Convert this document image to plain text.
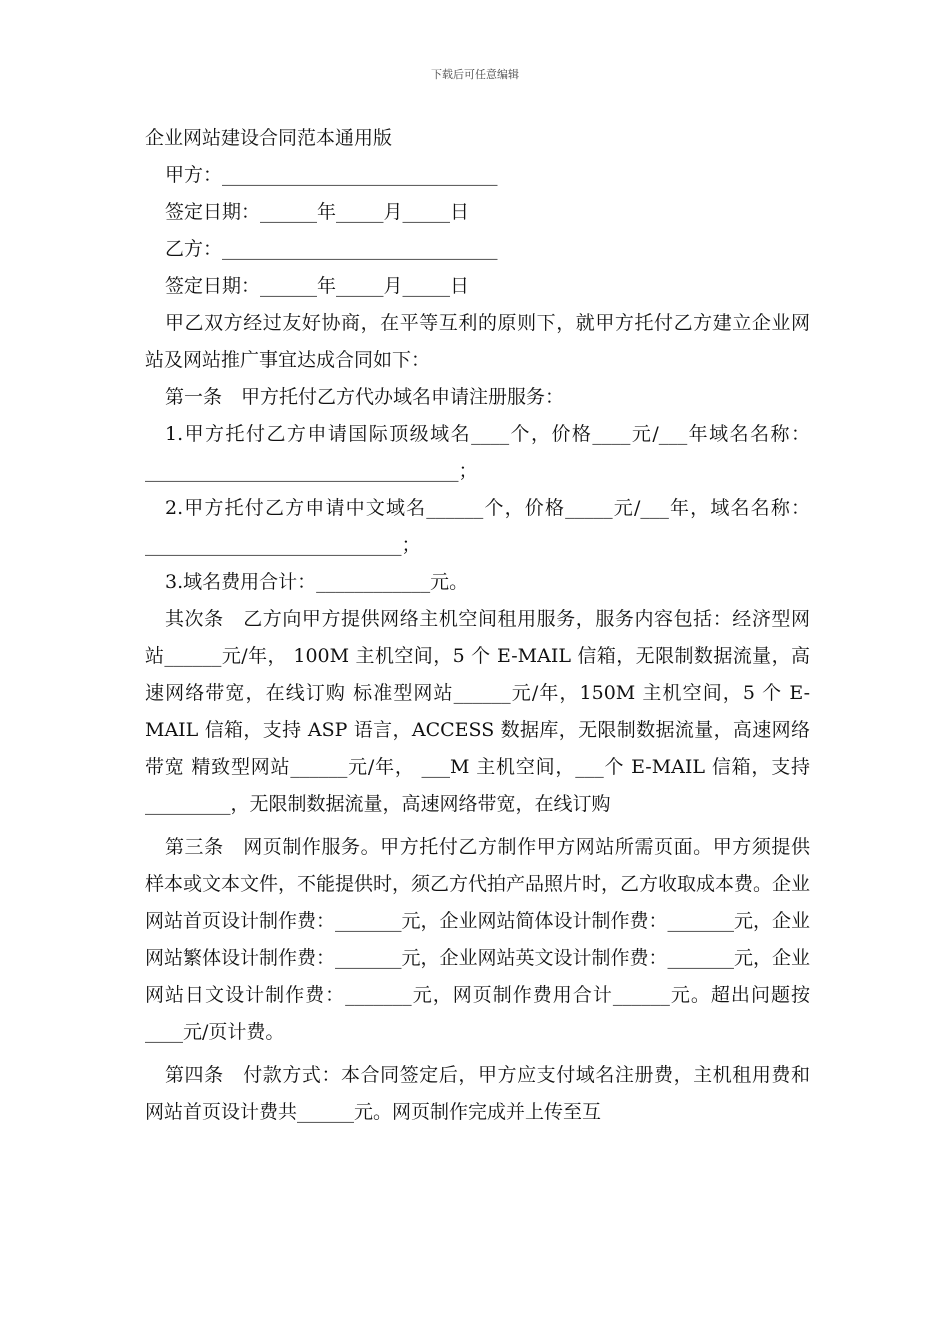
下载后可任意编辑

企业网站建设合同范本通用版

甲方：_____________________________

签定日期：______年_____月_____日

乙方：_____________________________

签定日期：______年_____月_____日

甲乙双方经过友好协商，在平等互利的原则下，就甲方托付乙方建立企业网站及网站推广事宜达成合同如下：

第一条　甲方托付乙方代办域名申请注册服务：

1.甲方托付乙方申请国际顶级域名____个，价格____元/___年域名名称：_________________________________；

2.甲方托付乙方申请中文域名______个，价格_____元/___年，域名名称：___________________________；

3.域名费用合计：____________元。

其次条　乙方向甲方提供网络主机空间租用服务，服务内容包括：经济型网站______元/年， 100M 主机空间，5 个 E-MAIL 信箱，无限制数据流量，高速网络带宽，在线订购 标准型网站______元/年，150M 主机空间，5 个 E-MAIL 信箱，支持 ASP 语言，ACCESS 数据库，无限制数据流量，高速网络带宽 精致型网站______元/年， ___M 主机空间，___个 E-MAIL 信箱，支持_________，无限制数据流量，高速网络带宽，在线订购

第三条　网页制作服务。甲方托付乙方制作甲方网站所需页面。甲方须提供样本或文本文件，不能提供时，须乙方代拍产品照片时，乙方收取成本费。企业网站首页设计制作费：_______元，企业网站简体设计制作费：_______元，企业网站繁体设计制作费：_______元，企业网站英文设计制作费：_______元，企业网站日文设计制作费：_______元，网页制作费用合计______元。超出问题按____元/页计费。

第四条　付款方式：本合同签定后，甲方应支付域名注册费，主机租用费和网站首页设计费共______元。网页制作完成并上传至互
